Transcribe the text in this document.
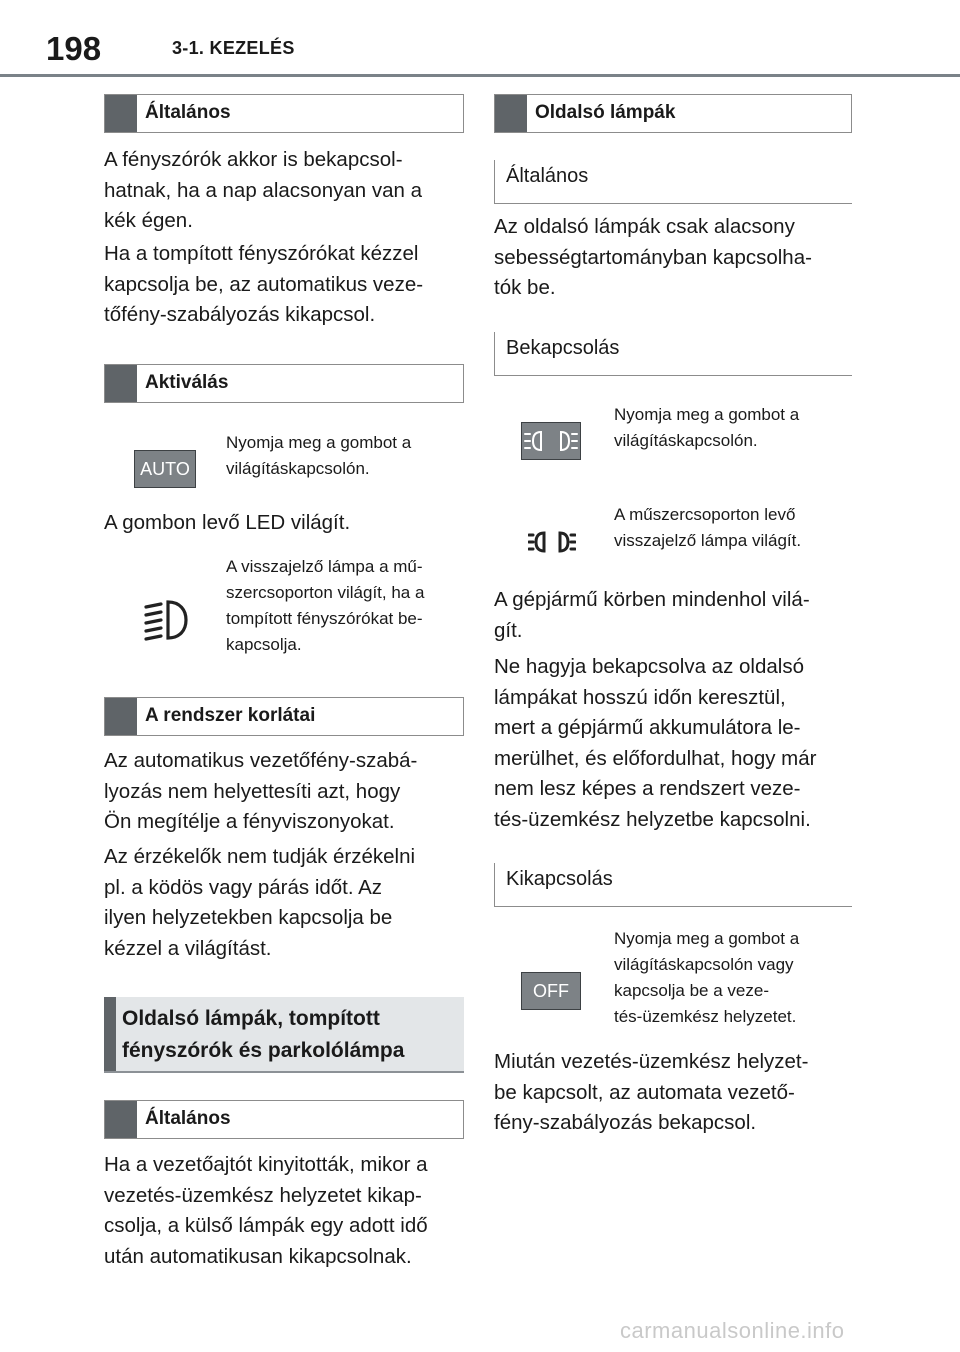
198	3-1. KEZELÉS
Általános
A fényszórók akkor is bekapcsol-
hatnak, ha a nap alacsonyan van a
kék égen.
Ha a tompított fényszórókat kézzel
kapcsolja be, az automatikus veze-
tőfény-szabályozás kikapcsol.
Aktiválás
AUTO
Nyomja meg a gombot a
világításkapcsolón.
A gombon levő LED világít.
A visszajelző lámpa a mű-
szercsoporton világít, ha a
tompított fényszórókat be-
kapcsolja.
A rendszer korlátai
Az automatikus vezetőfény-szabá-
lyozás nem helyettesíti azt, hogy
Ön megítélje a fényviszonyokat.
Az érzékelők nem tudják érzékelni
pl. a ködös vagy párás időt. Az
ilyen helyzetekben kapcsolja be
kézzel a világítást.
Oldalsó lámpák, tompított
fényszórók és parkolólámpa
Általános
Ha a vezetőajtót kinyitották, mikor a
vezetés-üzemkész helyzetet kikap-
csolja, a külső lámpák egy adott idő
után automatikusan kikapcsolnak.
Oldalsó lámpák
Általános
Az oldalsó lámpák csak alacsony
sebességtartományban kapcsolha-
tók be.
Bekapcsolás
Nyomja meg a gombot a
világításkapcsolón.
A műszercsoporton levő
visszajelző lámpa világít.
A gépjármű körben mindenhol vilá-
gít.
Ne hagyja bekapcsolva az oldalsó
lámpákat hosszú időn keresztül,
mert a gépjármű akkumulátora le-
merülhet, és előfordulhat, hogy már
nem lesz képes a rendszert veze-
tés-üzemkész helyzetbe kapcsolni.
Kikapcsolás
OFF
Nyomja meg a gombot a
világításkapcsolón vagy
kapcsolja be a veze-
tés-üzemkész helyzetet.
Miután vezetés-üzemkész helyzet-
be kapcsolt, az automata vezető-
fény-szabályozás bekapcsol.
carmanualsonline.info
